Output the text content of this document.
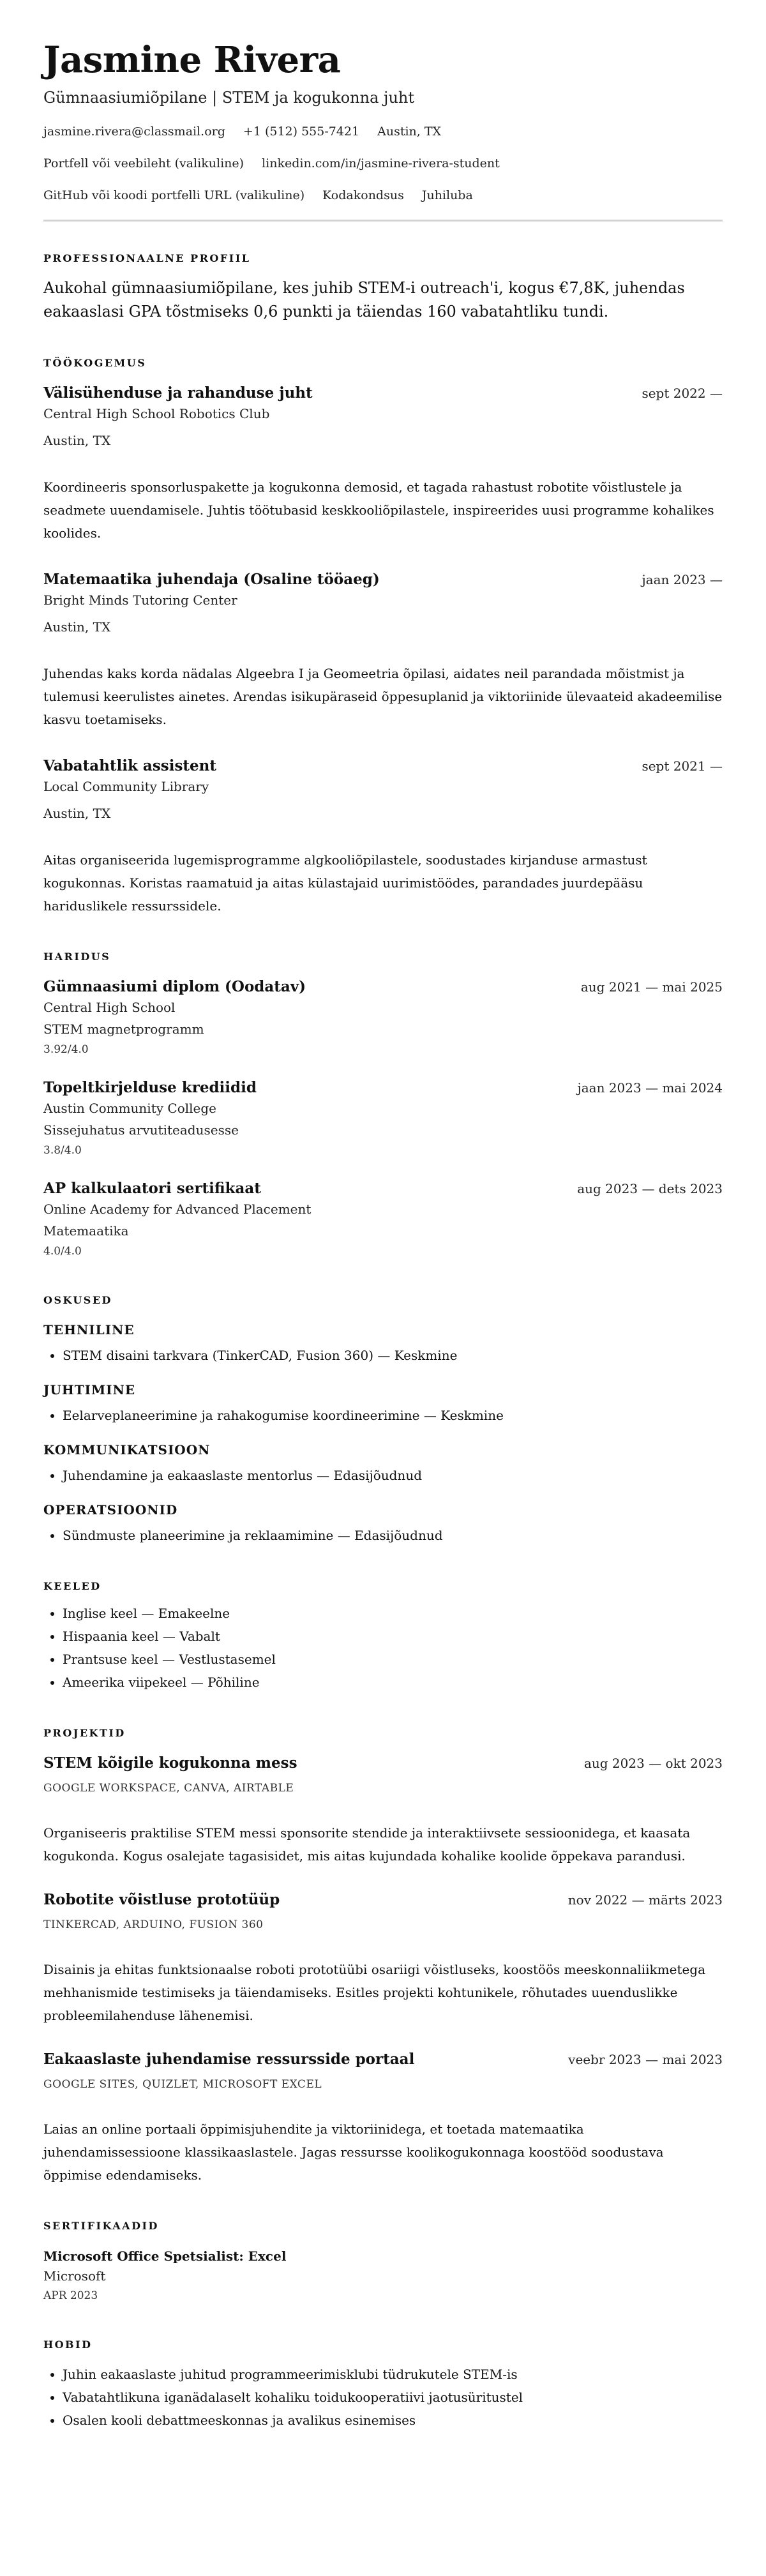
Jasmine Rivera
Gümnaasiumiõpilane | STEM ja kogukonna juht
jasmine.rivera@classmail.org +1 (512) 555-7421 Austin, TX
Portfell või veebileht (valikuline) linkedin.com/in/jasmine-rivera-student
GitHub või koodi portfelli URL (valikuline) Kodakondsus Juhiluba
PROFESSIONAALNE PROFIIL
Aukohal gümnaasiumiõpilane, kes juhib STEM-i outreach'i, kogus €7,8K, juhendas eakaaslasi GPA tõstmiseks 0,6 punkti ja täiendas 160 vabatahtliku tundi.
TÖÖKOGEMUS
Välisühenduse ja rahanduse juht	sept 2022 —
Central High School Robotics Club
Austin, TX
Koordineeris sponsorluspakette ja kogukonna demosid, et tagada rahastust robotite võistlustele ja seadmete uuendamisele. Juhtis töötubasid keskkooliõpilastele, inspireerides uusi programme kohalikes koolides.
Matemaatika juhendaja (Osaline tööaeg)	jaan 2023 —
Bright Minds Tutoring Center
Austin, TX
Juhendas kaks korda nädalas Algeebra I ja Geomeetria õpilasi, aidates neil parandada mõistmist ja tulemusi keerulistes ainetes. Arendas isikupäraseid õppesuplanid ja viktoriinide ülevaateid akadeemilise kasvu toetamiseks.
Vabatahtlik assistent	sept 2021 —
Local Community Library
Austin, TX
Aitas organiseerida lugemisprogramme algkooliõpilastele, soodustades kirjanduse armastust kogukonnas. Koristas raamatuid ja aitas külastajaid uurimistöödes, parandades juurdepääsu hariduslikele ressurssidele.
HARIDUS
Gümnaasiumi diplom (Oodatav)	aug 2021 — mai 2025
Central High School
STEM magnetprogramm
3.92/4.0
Topeltkirjelduse krediidid	jaan 2023 — mai 2024
Austin Community College
Sissejuhatus arvutiteadusesse
3.8/4.0
AP kalkulaatori sertifikaat	aug 2023 — dets 2023
Online Academy for Advanced Placement
Matemaatika
4.0/4.0
OSKUSED
TEHNILINE
• STEM disaini tarkvara (TinkerCAD, Fusion 360) — Keskmine
JUHTIMINE
• Eelarveplaneerimine ja rahakogumise koordineerimine — Keskmine
KOMMUNIKATSIOON
• Juhendamine ja eakaaslaste mentorlus — Edasijõudnud
OPERATSIOONID
• Sündmuste planeerimine ja reklaamimine — Edasijõudnud
KEELED
• Inglise keel — Emakeelne
• Hispaania keel — Vabalt
• Prantsuse keel — Vestlustasemel
• Ameerika viipekeel — Põhiline
PROJEKTID
STEM kõigile kogukonna mess	aug 2023 — okt 2023
GOOGLE WORKSPACE, CANVA, AIRTABLE
Organiseeris praktilise STEM messi sponsorite stendide ja interaktiivsete sessioonidega, et kaasata kogukonda. Kogus osalejate tagasisidet, mis aitas kujundada kohalike koolide õppekava parandusi.
Robotite võistluse prototüüp	nov 2022 — märts 2023
TINKERCAD, ARDUINO, FUSION 360
Disainis ja ehitas funktsionaalse roboti prototüübi osariigi võistluseks, koostöös meeskonnaliikmetega mehhanismide testimiseks ja täiendamiseks. Esitles projekti kohtunikele, rõhutades uuenduslikke probleemilahenduse lähenemisi.
Eakaaslaste juhendamise ressursside portaal	veebr 2023 — mai 2023
GOOGLE SITES, QUIZLET, MICROSOFT EXCEL
Laias an online portaali õppimisjuhendite ja viktoriinidega, et toetada matemaatika juhendamissessioone klassikaaslastele. Jagas ressursse koolikogukonnaga koostööd soodustava õppimise edendamiseks.
SERTIFIKAADID
Microsoft Office Spetsialist: Excel
Microsoft
APR 2023
HOBID
• Juhin eakaaslaste juhitud programmeerimisklubi tüdrukutele STEM-is
• Vabatahtlikuna iganädalaselt kohaliku toidukooperatiivi jaotusüritustel
• Osalen kooli debattmeeskonnas ja avalikus esinemises
